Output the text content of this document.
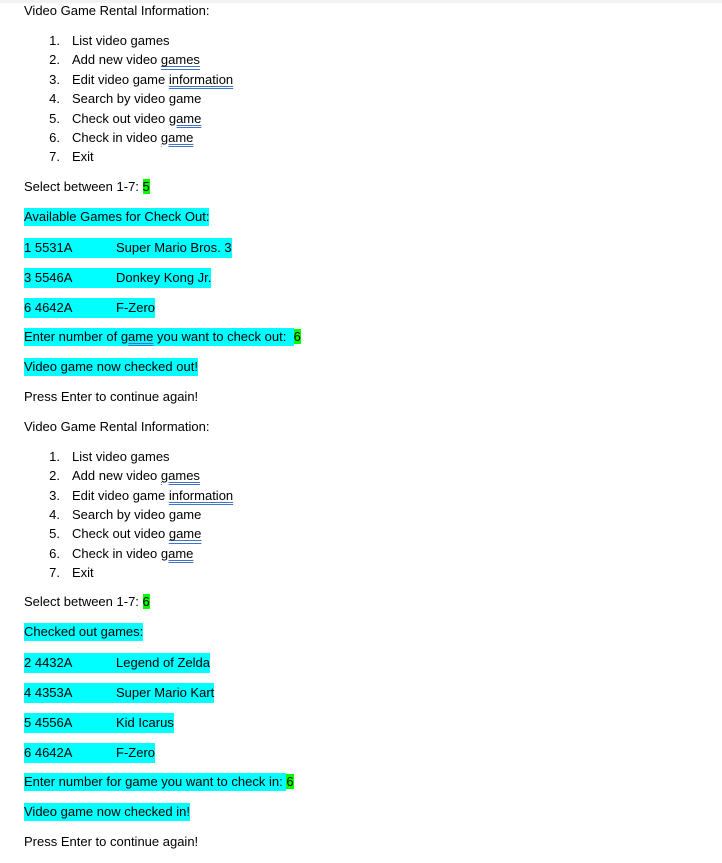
Video Game Rental Information:
1. List video games
2. Add new video games
3. Edit video game information
4. Search by video game
5. Check out video game
6. Check in video game
7. Exit
Select between 1-7: 5
Available Games for Check Out:
1 5531A	Super Mario Bros. 3
3 5546A	Donkey Kong Jr.
6 4642A	F-Zero
Enter number of game you want to check out:  6
Video game now checked out!
Press Enter to continue again!
Video Game Rental Information:
1. List video games
2. Add new video games
3. Edit video game information
4. Search by video game
5. Check out video game
6. Check in video game
7. Exit
Select between 1-7: 6
Checked out games:
2 4432A	Legend of Zelda
4 4353A	Super Mario Kart
5 4556A	Kid Icarus
6 4642A	F-Zero
Enter number for game you want to check in: 6
Video game now checked in!
Press Enter to continue again!
